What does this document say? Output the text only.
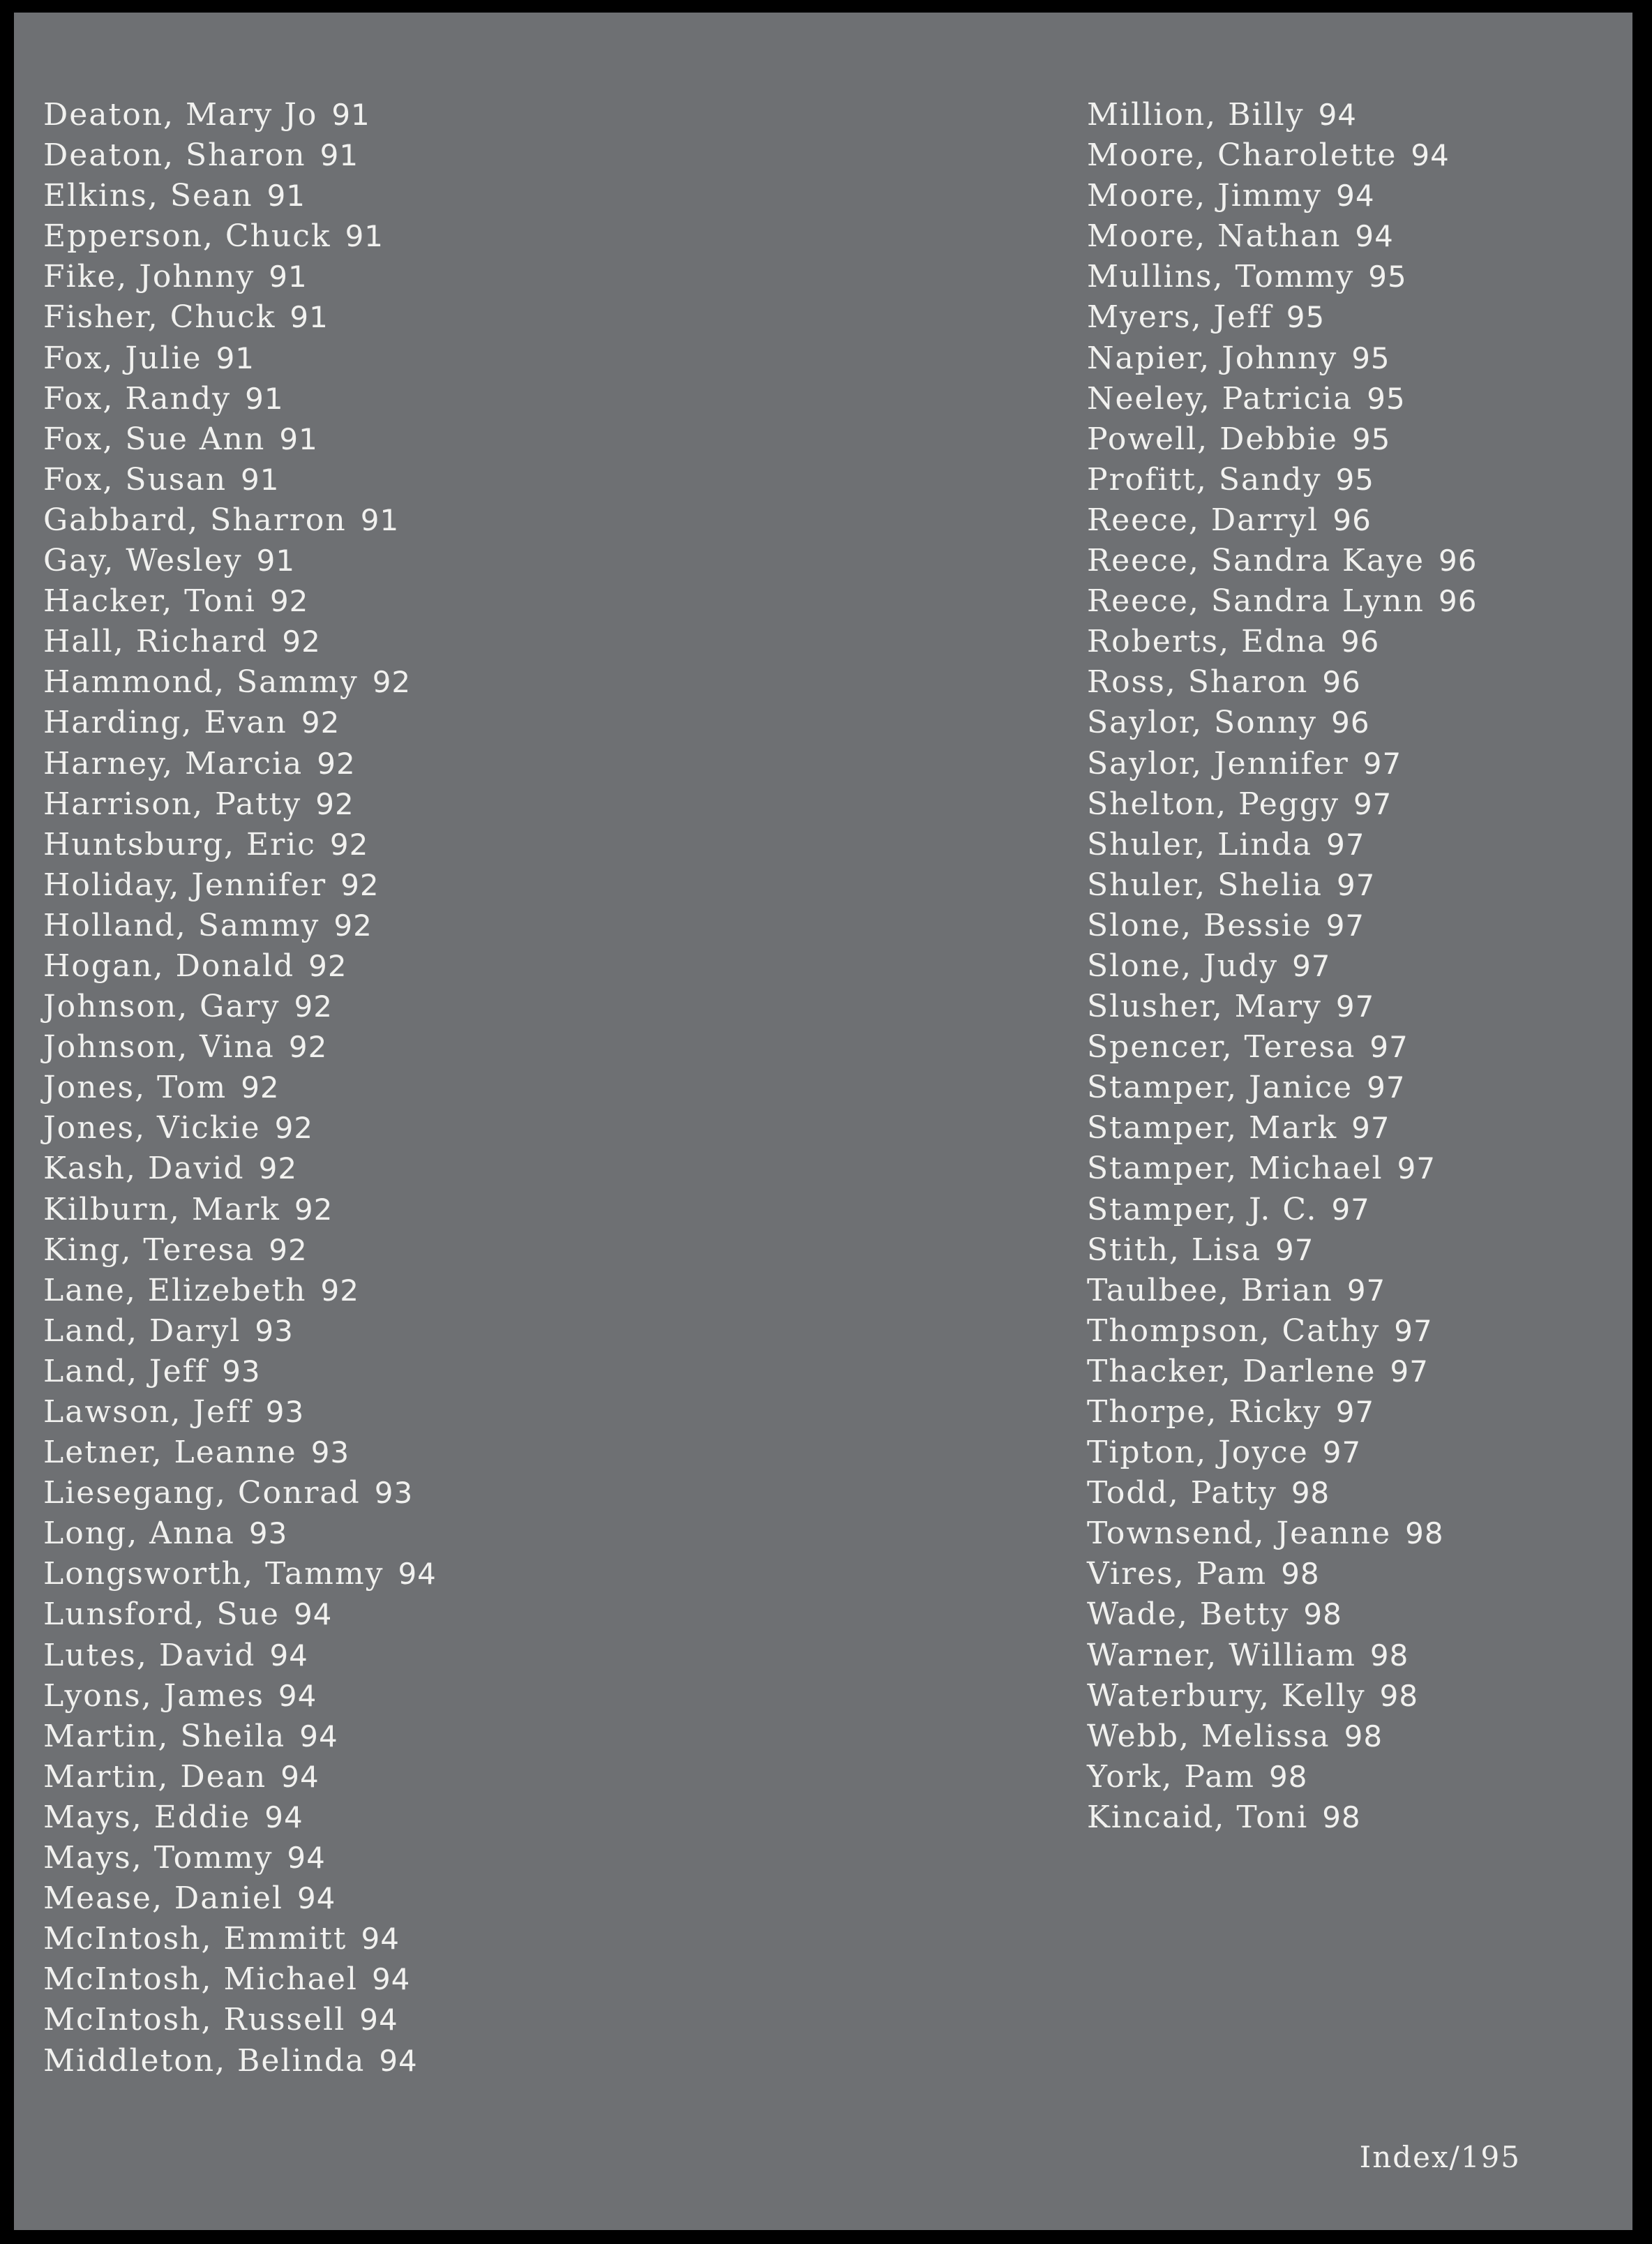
Deaton, Mary Jo 91
Deaton, Sharon 91
Elkins, Sean 91
Epperson, Chuck 91
Fike, Johnny 91
Fisher, Chuck 91
Fox, Julie 91
Fox, Randy 91
Fox, Sue Ann 91
Fox, Susan 91
Gabbard, Sharron 91
Gay, Wesley 91
Hacker, Toni 92
Hall, Richard 92
Hammond, Sammy 92
Harding, Evan 92
Harney, Marcia 92
Harrison, Patty 92
Huntsburg, Eric 92
Holiday, Jennifer 92
Holland, Sammy 92
Hogan, Donald 92
Johnson, Gary 92
Johnson, Vina 92
Jones, Tom 92
Jones, Vickie 92
Kash, David 92
Kilburn, Mark 92
King, Teresa 92
Lane, Elizebeth 92
Land, Daryl 93
Land, Jeff 93
Lawson, Jeff 93
Letner, Leanne 93
Liesegang, Conrad 93
Long, Anna 93
Longsworth, Tammy 94
Lunsford, Sue 94
Lutes, David 94
Lyons, James 94
Martin, Sheila 94
Martin, Dean 94
Mays, Eddie 94
Mays, Tommy 94
Mease, Daniel 94
McIntosh, Emmitt 94
McIntosh, Michael 94
McIntosh, Russell 94
Middleton, Belinda 94
Million, Billy 94
Moore, Charolette 94
Moore, Jimmy 94
Moore, Nathan 94
Mullins, Tommy 95
Myers, Jeff 95
Napier, Johnny 95
Neeley, Patricia 95
Powell, Debbie 95
Profitt, Sandy 95
Reece, Darryl 96
Reece, Sandra Kaye 96
Reece, Sandra Lynn 96
Roberts, Edna 96
Ross, Sharon 96
Saylor, Sonny 96
Saylor, Jennifer 97
Shelton, Peggy 97
Shuler, Linda 97
Shuler, Shelia 97
Slone, Bessie 97
Slone, Judy 97
Slusher, Mary 97
Spencer, Teresa 97
Stamper, Janice 97
Stamper, Mark 97
Stamper, Michael 97
Stamper, J. C. 97
Stith, Lisa 97
Taulbee, Brian 97
Thompson, Cathy 97
Thacker, Darlene 97
Thorpe, Ricky 97
Tipton, Joyce 97
Todd, Patty 98
Townsend, Jeanne 98
Vires, Pam 98
Wade, Betty 98
Warner, William 98
Waterbury, Kelly 98
Webb, Melissa 98
York, Pam 98
Kincaid, Toni 98
Index/195
